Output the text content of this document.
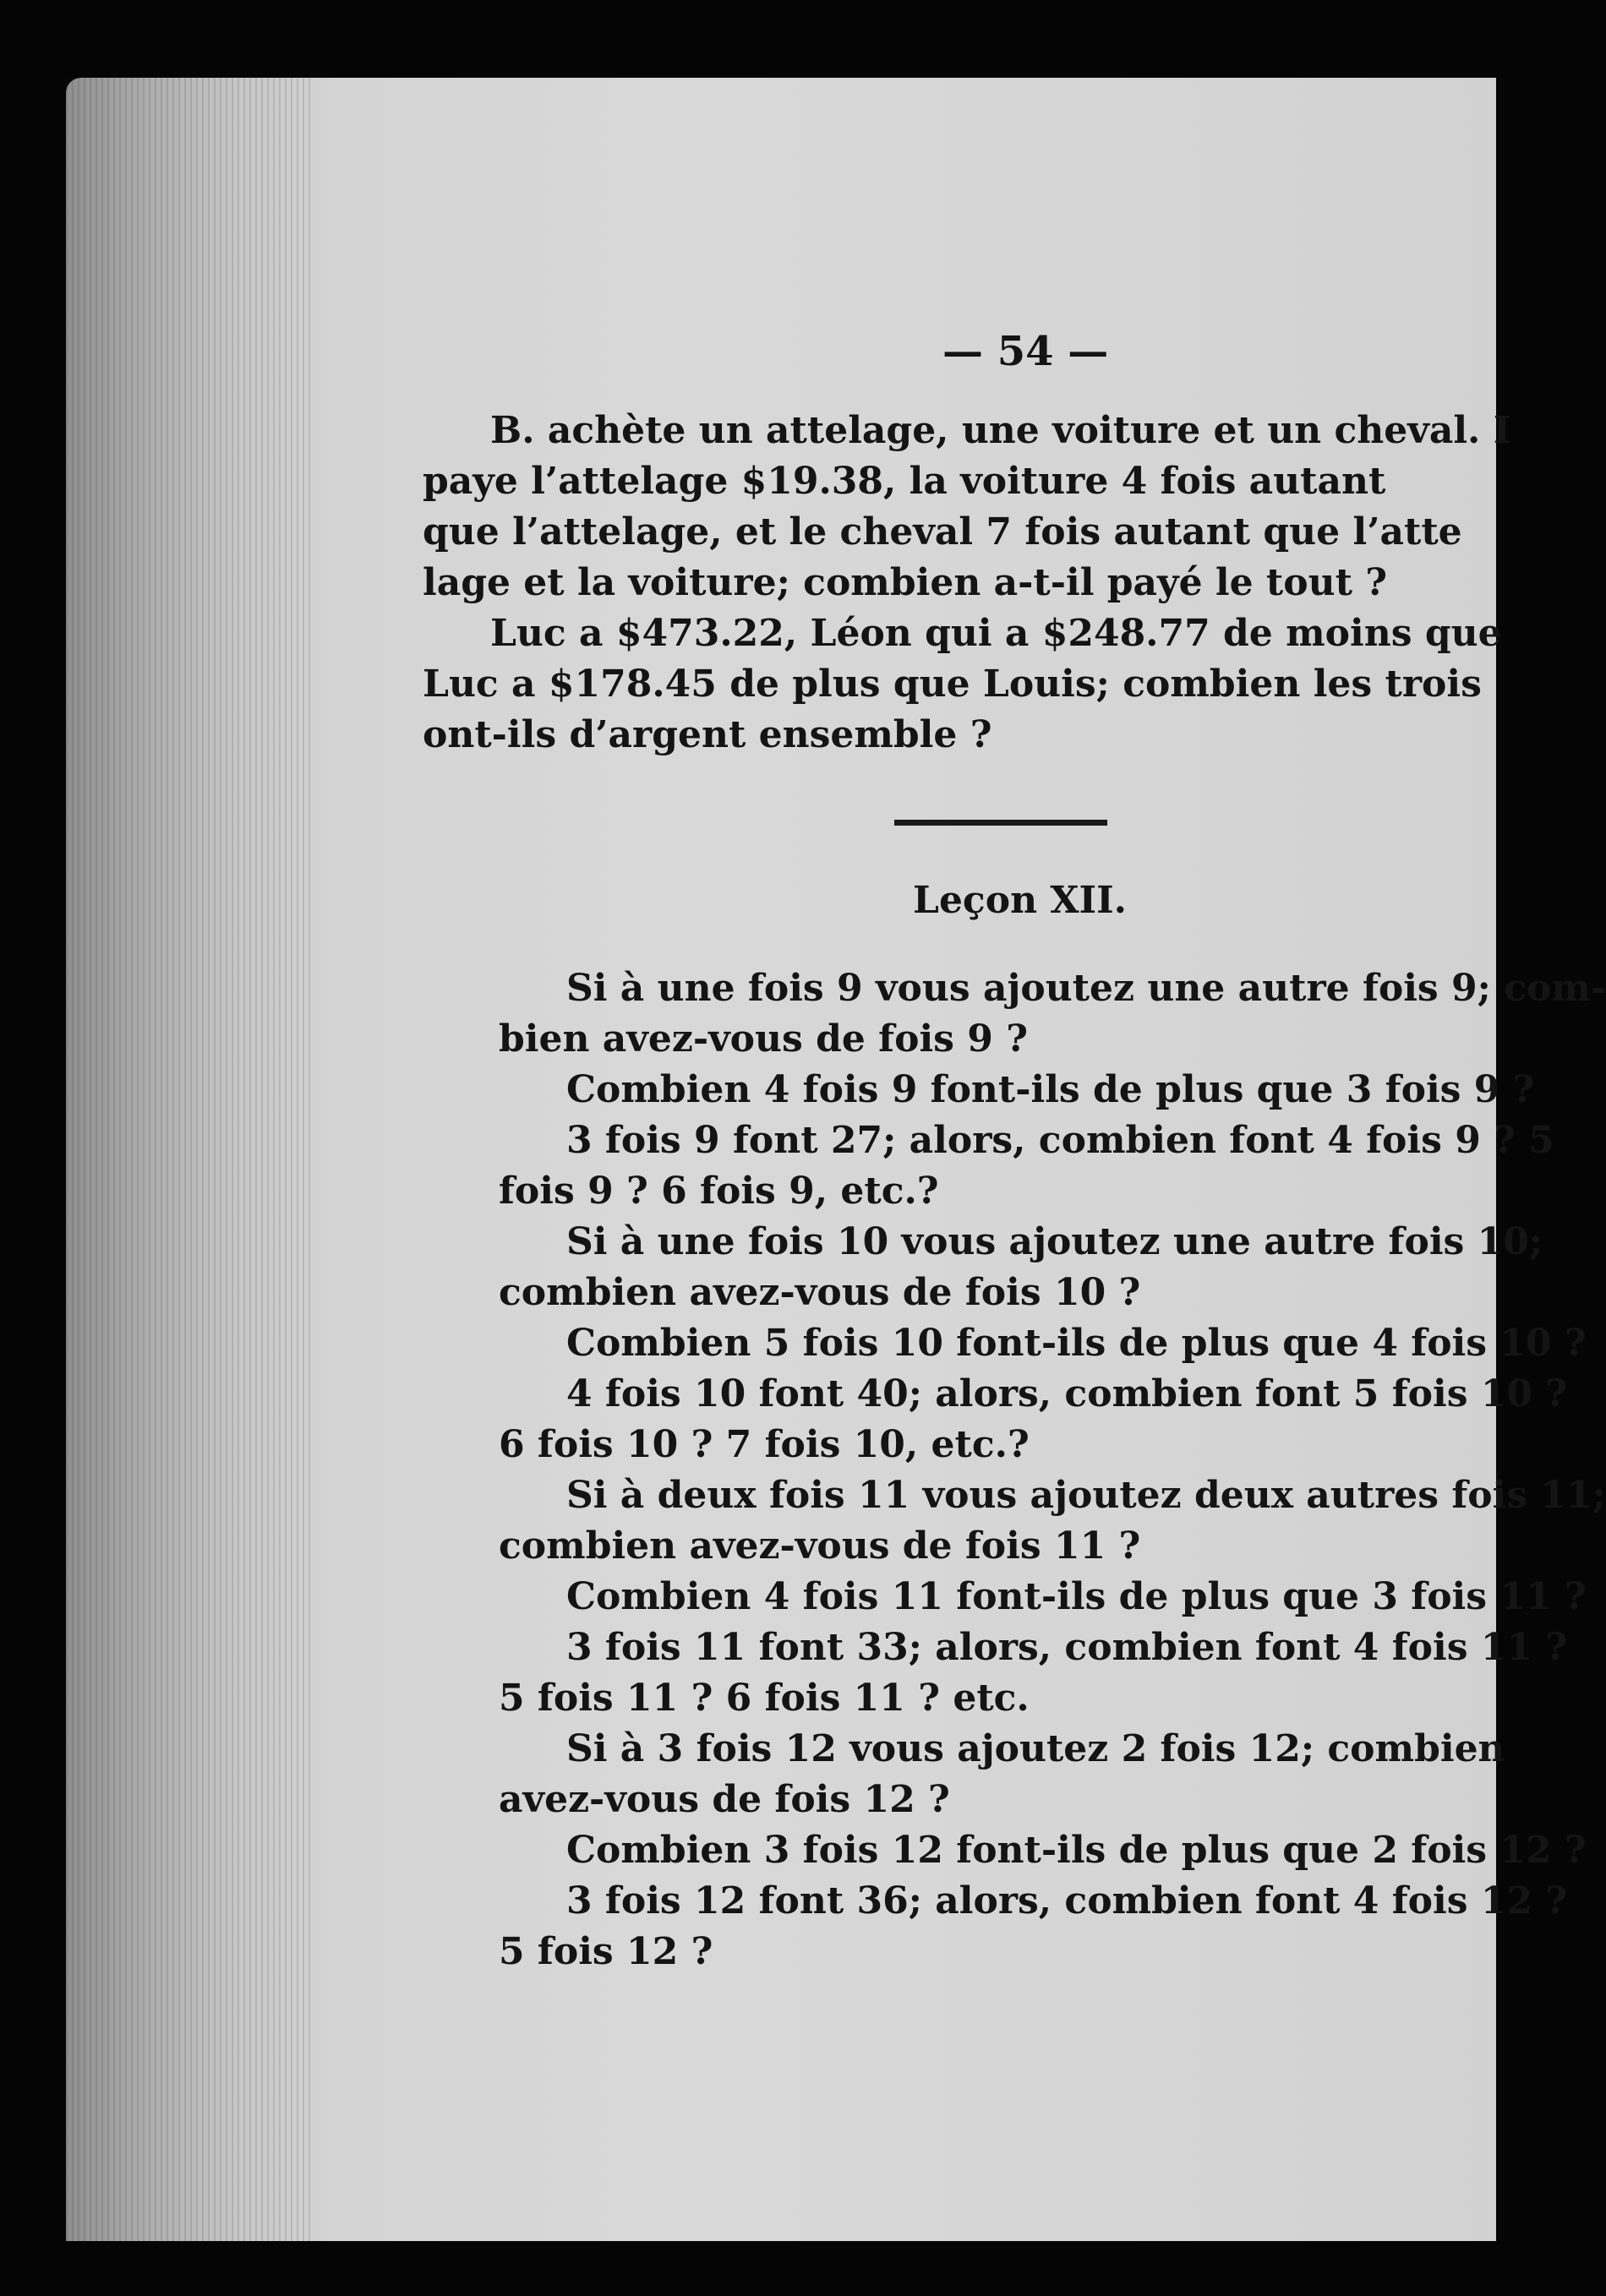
— 54 —
B. achète un attelage, une voiture et un cheval. I
paye l’attelage $19.38, la voiture 4 fois autant
que l’attelage, et le cheval 7 fois autant que l’atte
lage et la voiture; combien a-t-il payé le tout ?
Luc a $473.22, Léon qui a $248.77 de moins que
Luc a $178.45 de plus que Louis; combien les trois
ont-ils d’argent ensemble ?
Leçon XII.
Si à une fois 9 vous ajoutez une autre fois 9; com-
bien avez-vous de fois 9 ?
Combien 4 fois 9 font-ils de plus que 3 fois 9 ?
3 fois 9 font 27; alors, combien font 4 fois 9 ? 5
fois 9 ? 6 fois 9, etc.?
Si à une fois 10 vous ajoutez une autre fois 10;
combien avez-vous de fois 10 ?
Combien 5 fois 10 font-ils de plus que 4 fois 10 ?
4 fois 10 font 40; alors, combien font 5 fois 10 ?
6 fois 10 ? 7 fois 10, etc.?
Si à deux fois 11 vous ajoutez deux autres fois 11;
combien avez-vous de fois 11 ?
Combien 4 fois 11 font-ils de plus que 3 fois 11 ?
3 fois 11 font 33; alors, combien font 4 fois 11 ?
5 fois 11 ? 6 fois 11 ? etc.
Si à 3 fois 12 vous ajoutez 2 fois 12; combien
avez-vous de fois 12 ?
Combien 3 fois 12 font-ils de plus que 2 fois 12 ?
3 fois 12 font 36; alors, combien font 4 fois 12 ?
5 fois 12 ?
